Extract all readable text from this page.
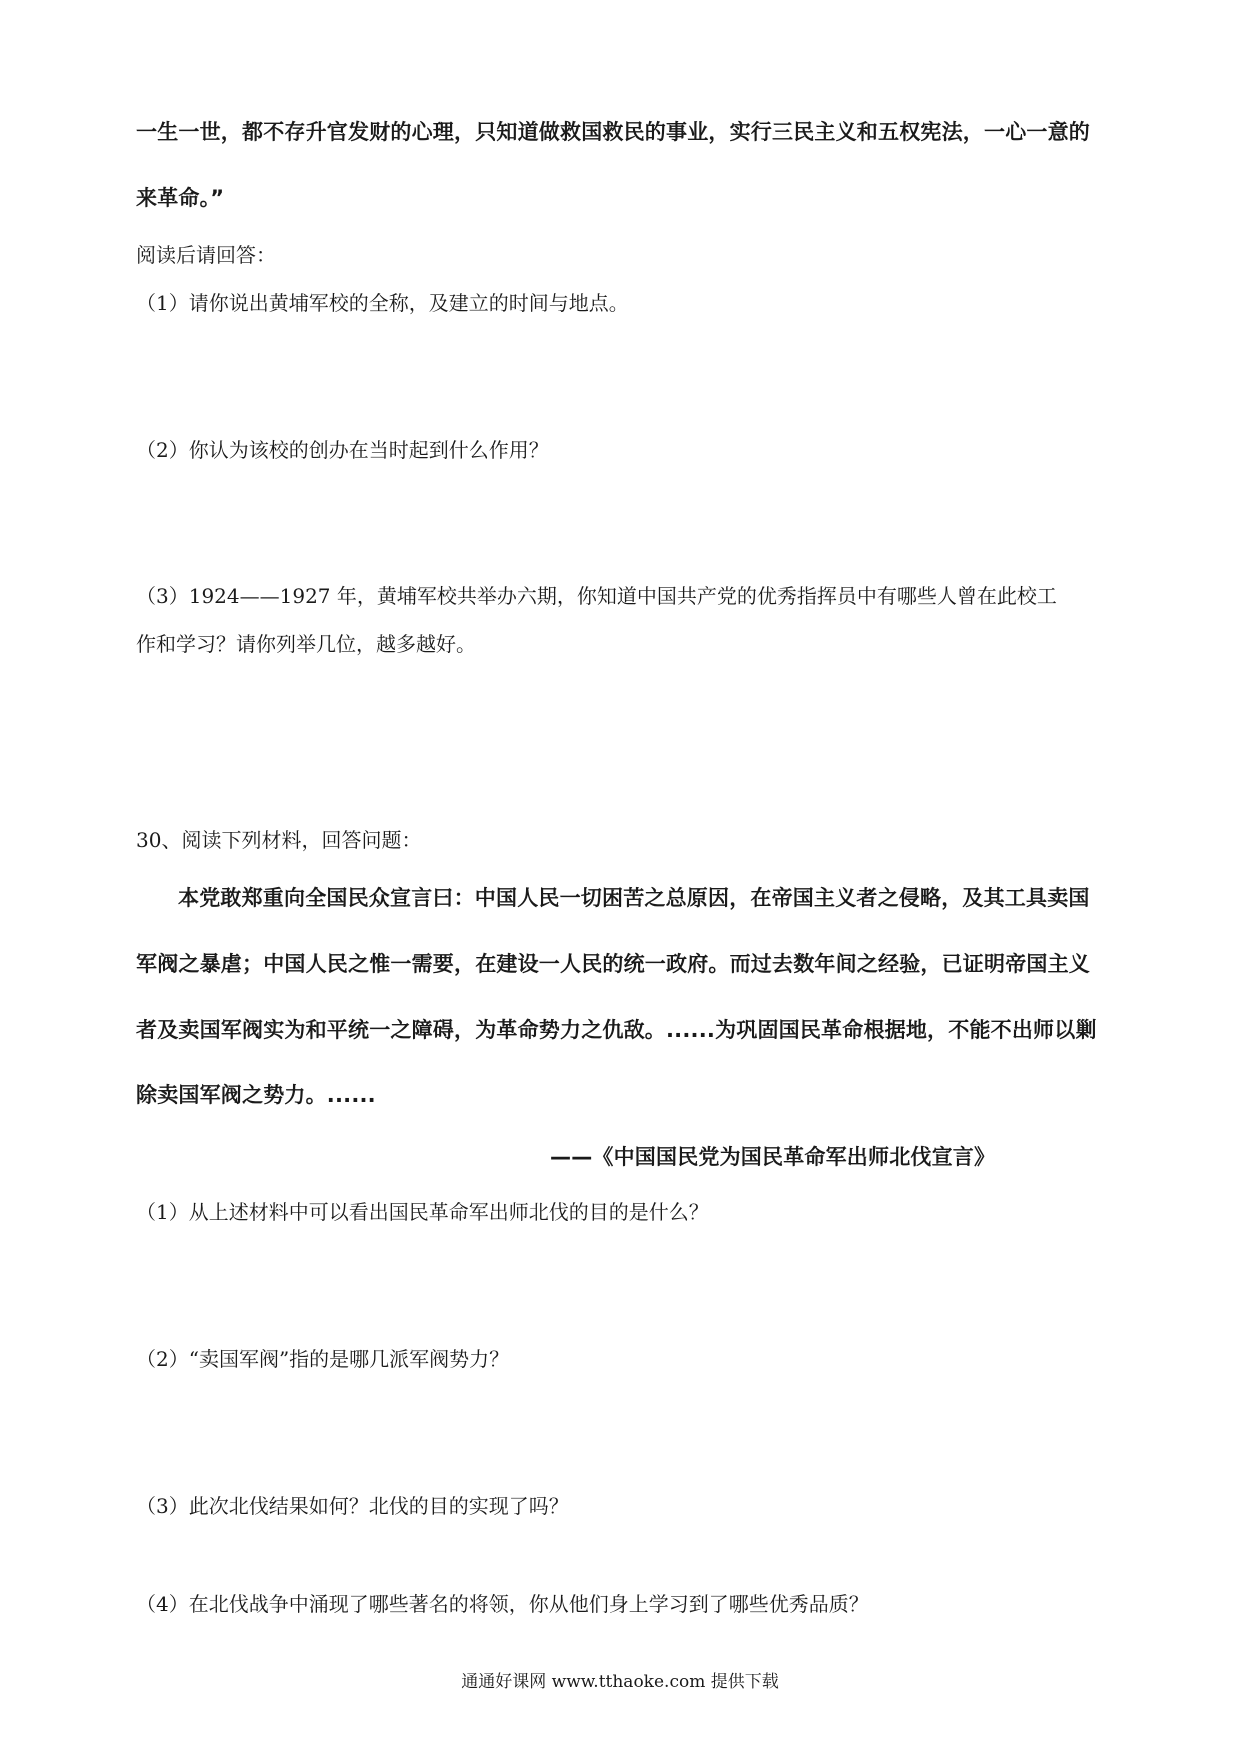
一生一世，都不存升官发财的心理，只知道做救国救民的事业，实行三民主义和五权宪法，一心一意的
来革命。”
阅读后请回答：
（1）请你说出黄埔军校的全称，及建立的时间与地点。
（2）你认为该校的创办在当时起到什么作用？
（3）1924——1927 年，黄埔军校共举办六期，你知道中国共产党的优秀指挥员中有哪些人曾在此校工
作和学习？请你列举几位，越多越好。
30、阅读下列材料，回答问题：
本党敢郑重向全国民众宣言曰：中国人民一切困苦之总原因，在帝国主义者之侵略，及其工具卖国
军阀之暴虐；中国人民之惟一需要，在建设一人民的统一政府。而过去数年间之经验，已证明帝国主义
者及卖国军阀实为和平统一之障碍，为革命势力之仇敌。......为巩固国民革命根据地，不能不出师以剿
除卖国军阀之势力。......
——《中国国民党为国民革命军出师北伐宣言》
（1）从上述材料中可以看出国民革命军出师北伐的目的是什么？
（2）“卖国军阀”指的是哪几派军阀势力？
（3）此次北伐结果如何？北伐的目的实现了吗？
（4）在北伐战争中涌现了哪些著名的将领，你从他们身上学习到了哪些优秀品质？
通通好课网 www.tthaoke.com 提供下载
